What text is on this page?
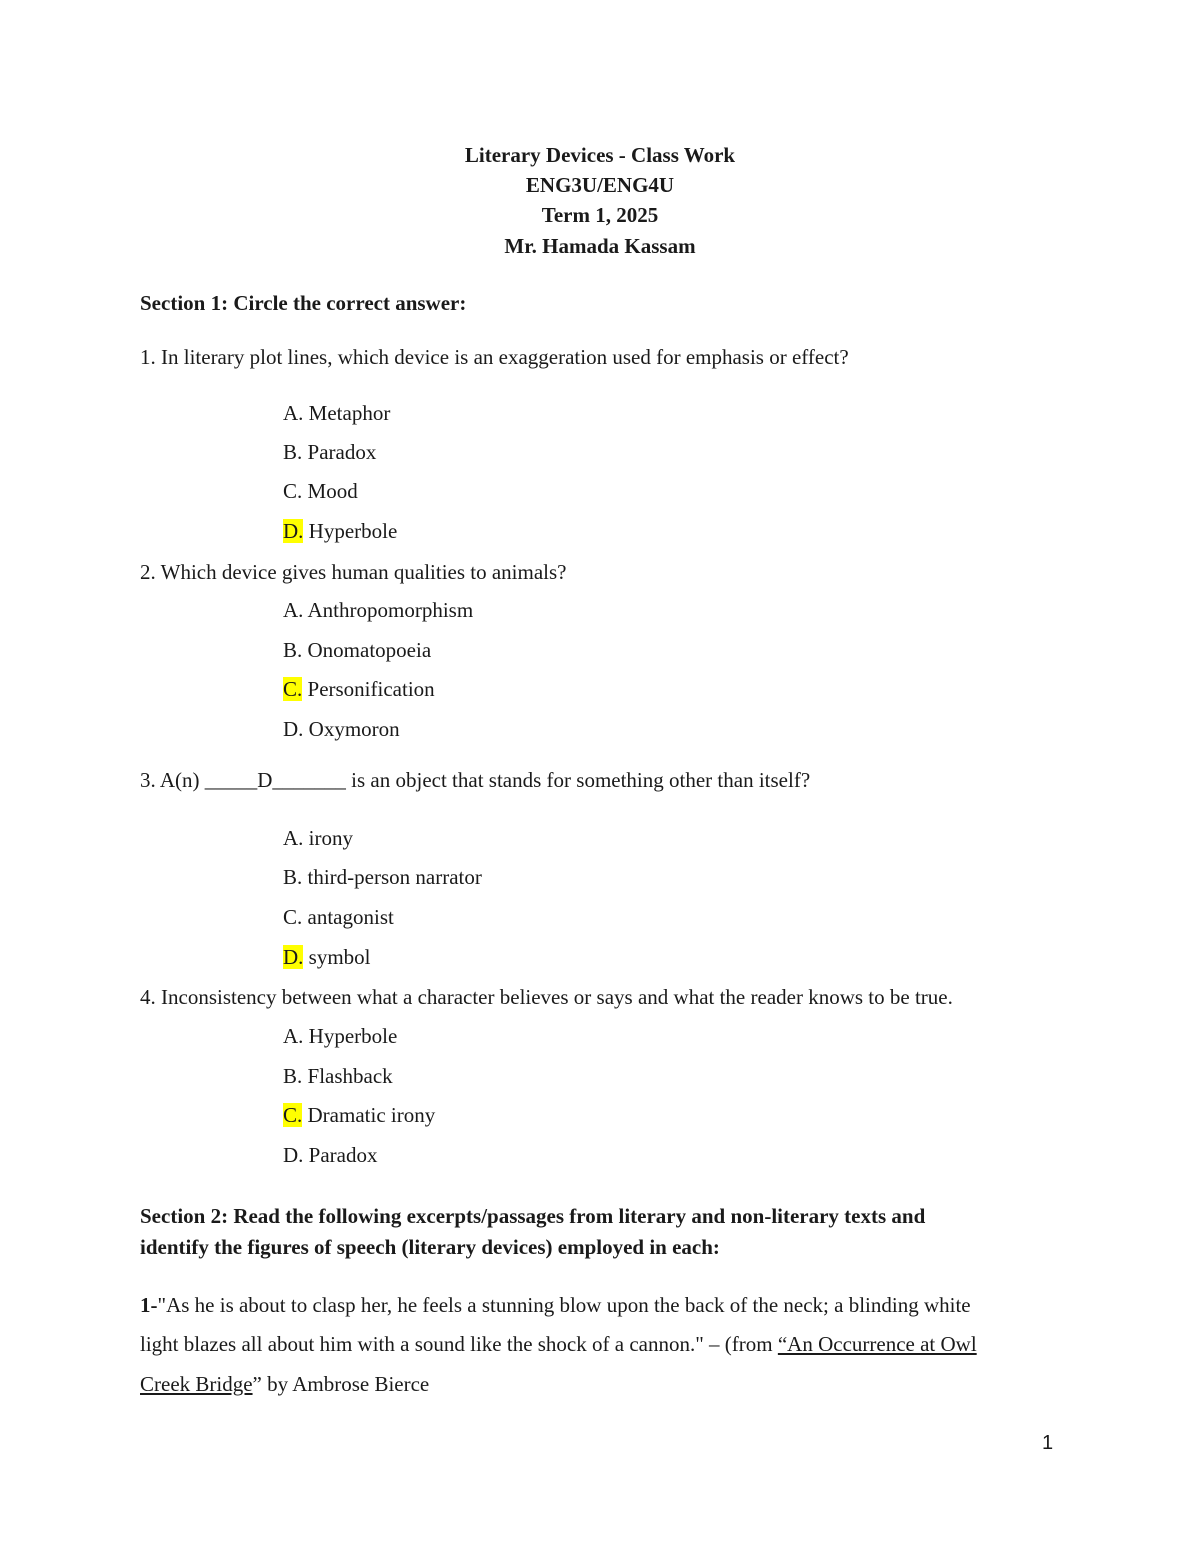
Literary Devices - Class Work
ENG3U/ENG4U
Term 1, 2025
Mr. Hamada Kassam
Section 1: Circle the correct answer:
1. In literary plot lines, which device is an exaggeration used for emphasis or effect?
A. Metaphor
B. Paradox
C. Mood
D. Hyperbole
2. Which device gives human qualities to animals?
A. Anthropomorphism
B. Onomatopoeia
C. Personification
D. Oxymoron
3. A(n) _____D_______ is an object that stands for something other than itself?
A. irony
B. third-person narrator
C. antagonist
D. symbol
4. Inconsistency between what a character believes or says and what the reader knows to be true.
A. Hyperbole
B. Flashback
C. Dramatic irony
D. Paradox
Section 2: Read the following excerpts/passages from literary and non-literary texts and
identify the figures of speech (literary devices) employed in each:
1-"As he is about to clasp her, he feels a stunning blow upon the back of the neck; a blinding white
light blazes all about him with a sound like the shock of a cannon." – (from “An Occurrence at Owl
Creek Bridge” by Ambrose Bierce
1
